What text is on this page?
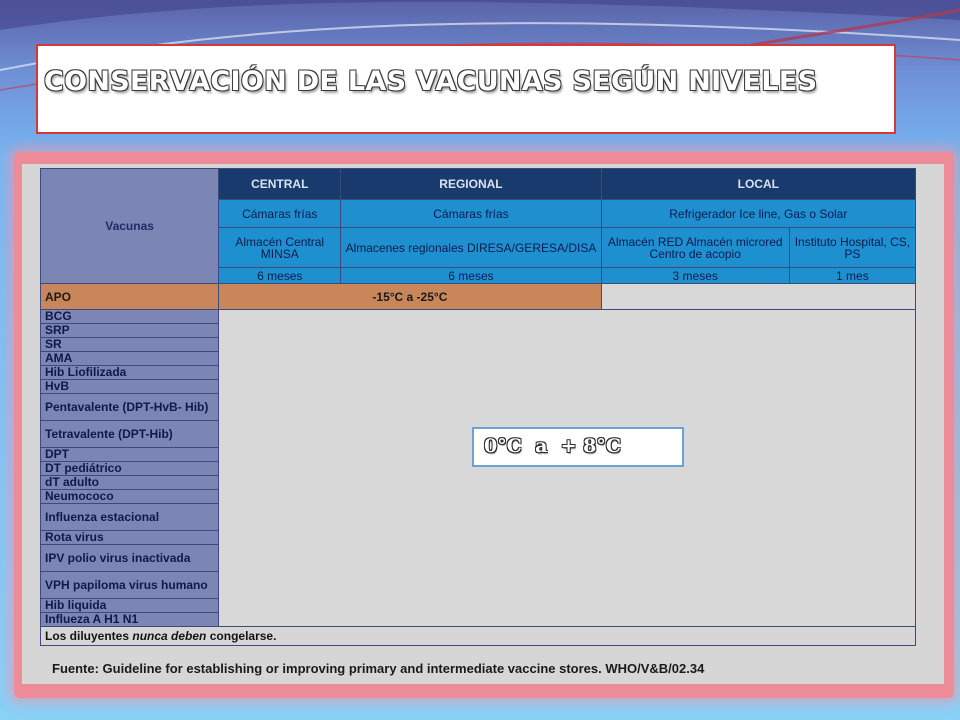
CONSERVACIÓN DE LAS VACUNAS SEGÚN NIVELES
Vacunas	CENTRAL	REGIONAL	LOCAL	
	Cámaras frías	Cámaras frías	Refrigerador Ice line, Gas o Solar	
	Almacén Central MINSA	Almacenes regionales DIRESA/GERESA/DISA	Almacén RED Almacén microred Centro de acopio	Instituto Hospital, CS, PS
	6 meses	6 meses	3 meses	1 mes
APO	-15°C a -25°C			
BCG				
SRP				
SR				
AMA				
Hib Liofilizada				
HvB				
Pentavalente (DPT-HvB- Hib)				
Tetravalente (DPT-Hib)				
DPT				
DT pediátrico				
dT adulto				
Neumococo				
Influenza estacional				
Rota virus				
IPV polio virus inactivada				
VPH papiloma virus humano				
Hib liquida				
Influeza A H1 N1				
Los diluyentes nunca deben congelarse.				
Fuente: Guideline for establishing or improving primary and intermediate vaccine stores. WHO/V&B/02.34
0°C  a  + 8°C
